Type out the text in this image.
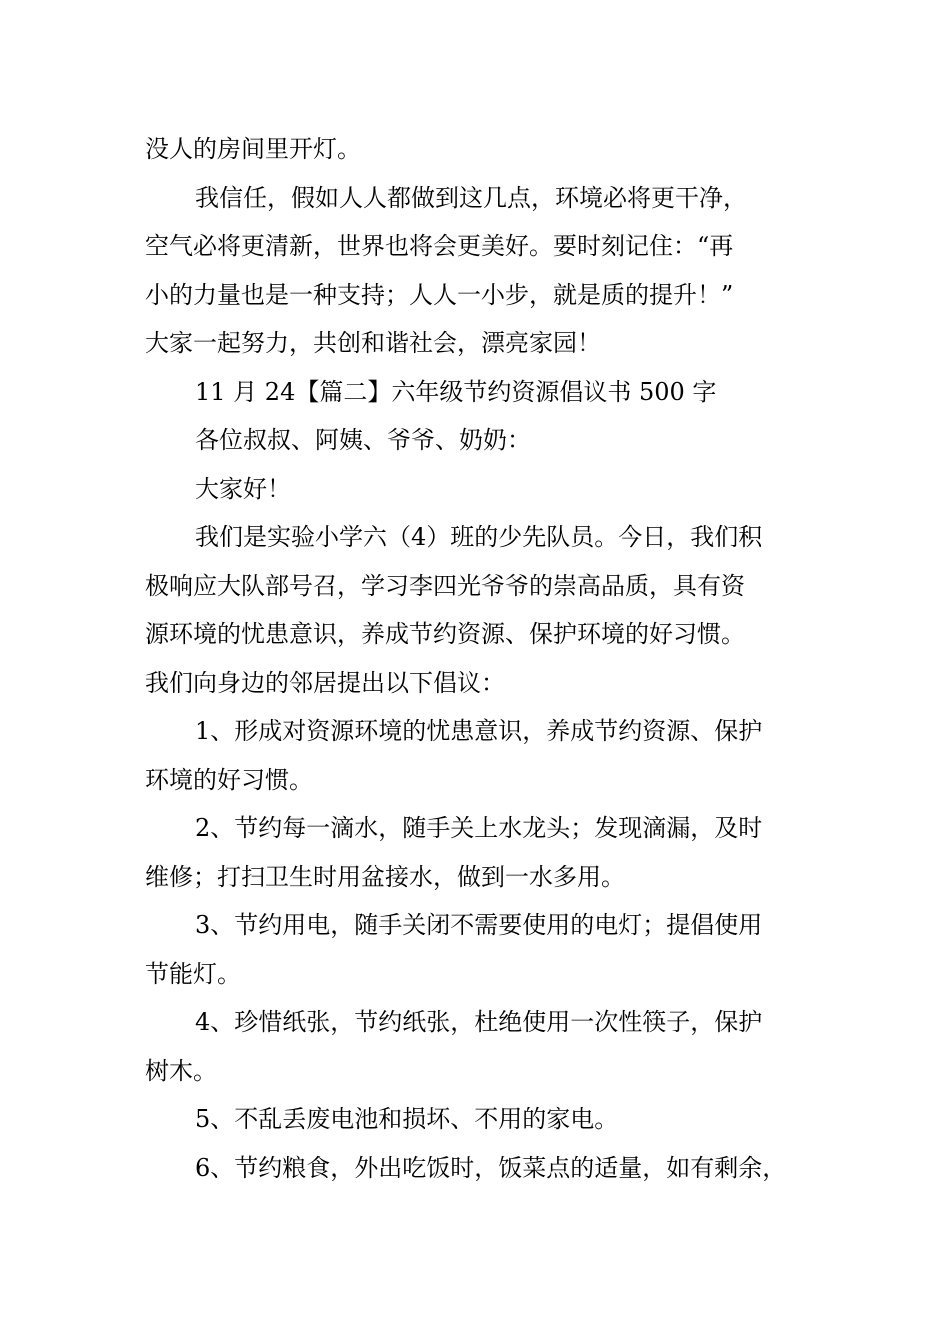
没人的房间里开灯。
我信任，假如人人都做到这几点，环境必将更干净，
空气必将更清新，世界也将会更美好。要时刻记住：“再
小的力量也是一种支持；人人一小步，就是质的提升！”
大家一起努力，共创和谐社会，漂亮家园！
11 月 24【篇二】六年级节约资源倡议书 500 字
各位叔叔、阿姨、爷爷、奶奶：
大家好！
我们是实验小学六（4）班的少先队员。今日，我们积
极响应大队部号召，学习李四光爷爷的崇高品质，具有资
源环境的忧患意识，养成节约资源、保护环境的好习惯。
我们向身边的邻居提出以下倡议：
1、形成对资源环境的忧患意识，养成节约资源、保护
环境的好习惯。
2、节约每一滴水，随手关上水龙头；发现滴漏，及时
维修；打扫卫生时用盆接水，做到一水多用。
3、节约用电，随手关闭不需要使用的电灯；提倡使用
节能灯。
4、珍惜纸张，节约纸张，杜绝使用一次性筷子，保护
树木。
5、不乱丢废电池和损坏、不用的家电。
6、节约粮食，外出吃饭时，饭菜点的适量，如有剩余，
